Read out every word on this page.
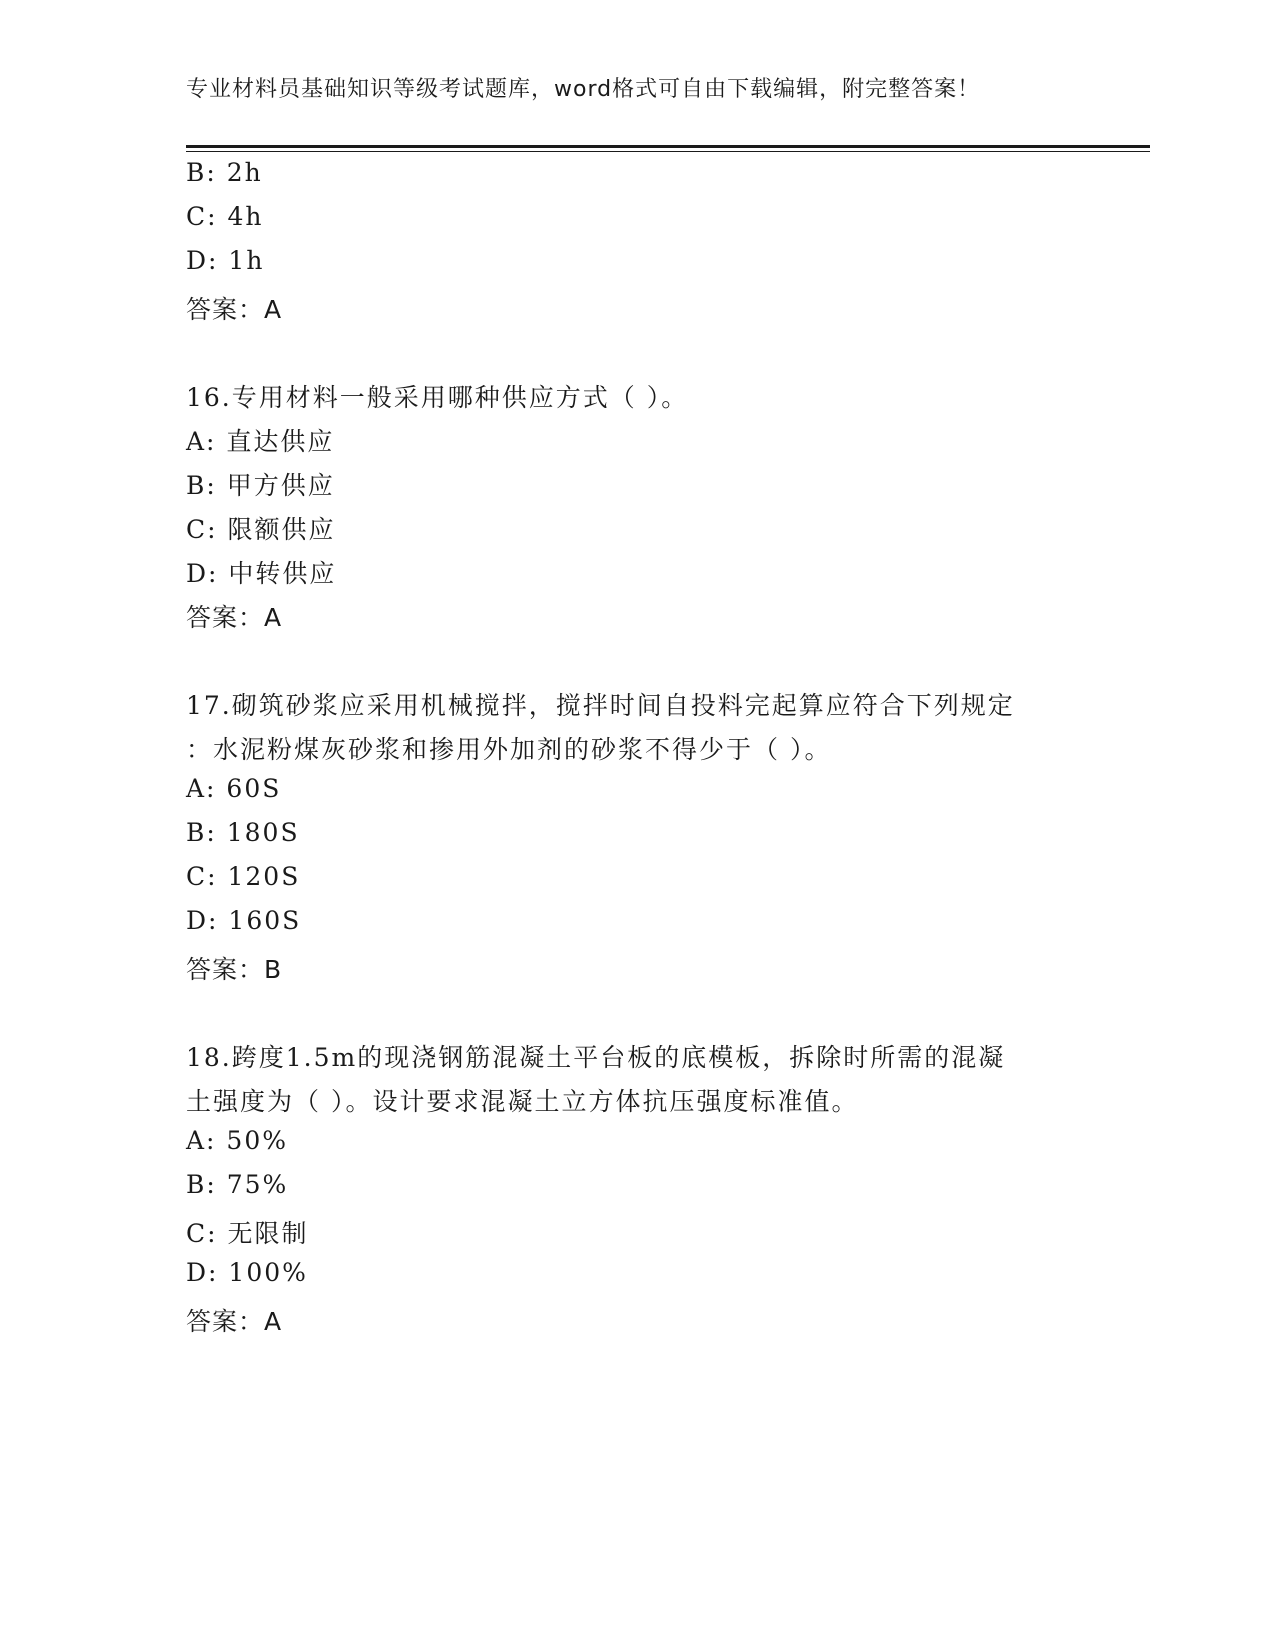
专业材料员基础知识等级考试题库，word格式可自由下载编辑，附完整答案！
B: 2h
C: 4h
D: 1h
答案：A
16.专用材料一般采用哪种供应方式（ ）。
A: 直达供应
B: 甲方供应
C: 限额供应
D: 中转供应
答案：A
17.砌筑砂浆应采用机械搅拌，搅拌时间自投料完起算应符合下列规定
：水泥粉煤灰砂浆和掺用外加剂的砂浆不得少于（ ）。
A: 60S
B: 180S
C: 120S
D: 160S
答案：B
18.跨度1.5m的现浇钢筋混凝土平台板的底模板，拆除时所需的混凝
土强度为（ ）。设计要求混凝土立方体抗压强度标准值。
A: 50%
B: 75%
C: 无限制
D: 100%
答案：A
